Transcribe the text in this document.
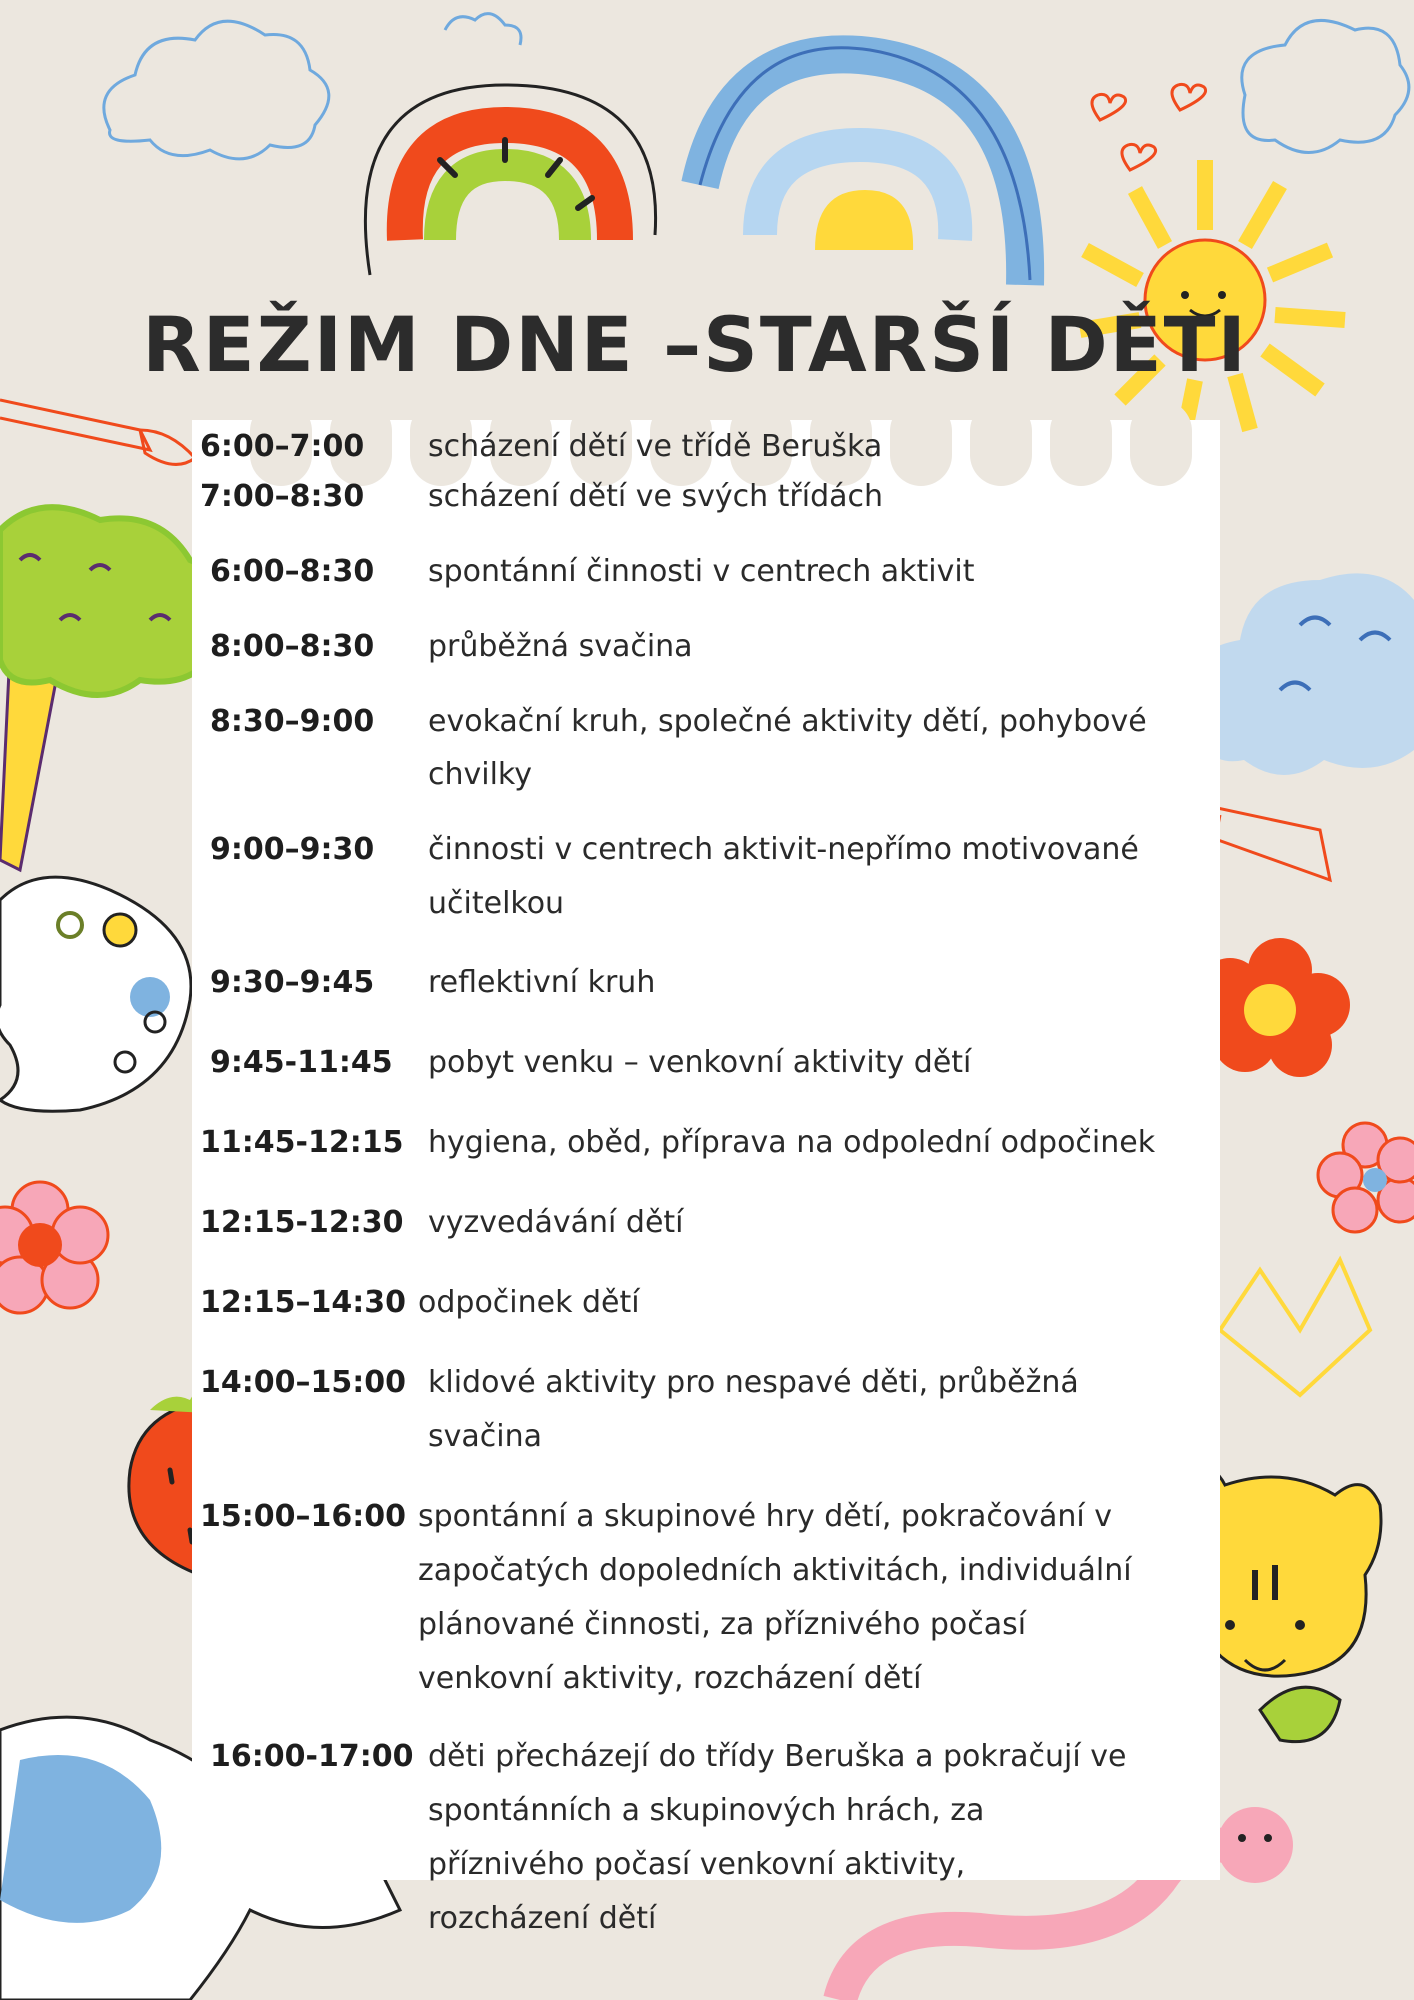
REŽIM DNE –STARŠÍ DĚTI
6:00–7:00 scházení dětí ve třídě Beruška
7:00–8:30 scházení dětí ve svých třídách
6:00–8:30 spontánní činnosti v centrech aktivit
8:00–8:30 průběžná svačina
8:30–9:00 evokační kruh, společné aktivity dětí, pohybové chvilky
9:00–9:30 činnosti v centrech aktivit-nepřímo motivované učitelkou
9:30–9:45 reflektivní kruh
9:45-11:45 pobyt venku – venkovní aktivity dětí
11:45-12:15 hygiena, oběd, příprava na odpolední odpočinek
12:15-12:30 vyzvedávání dětí
12:15–14:30 odpočinek dětí
14:00–15:00 klidové aktivity pro nespavé děti, průběžná svačina
15:00–16:00 spontánní a skupinové hry dětí, pokračování v započatých dopoledních aktivitách, individuální plánované činnosti, za příznivého počasí venkovní aktivity, rozcházení dětí
16:00-17:00 děti přecházejí do třídy Beruška a pokračují ve spontánních a skupinových hrách, za příznivého počasí venkovní aktivity, rozcházení dětí
